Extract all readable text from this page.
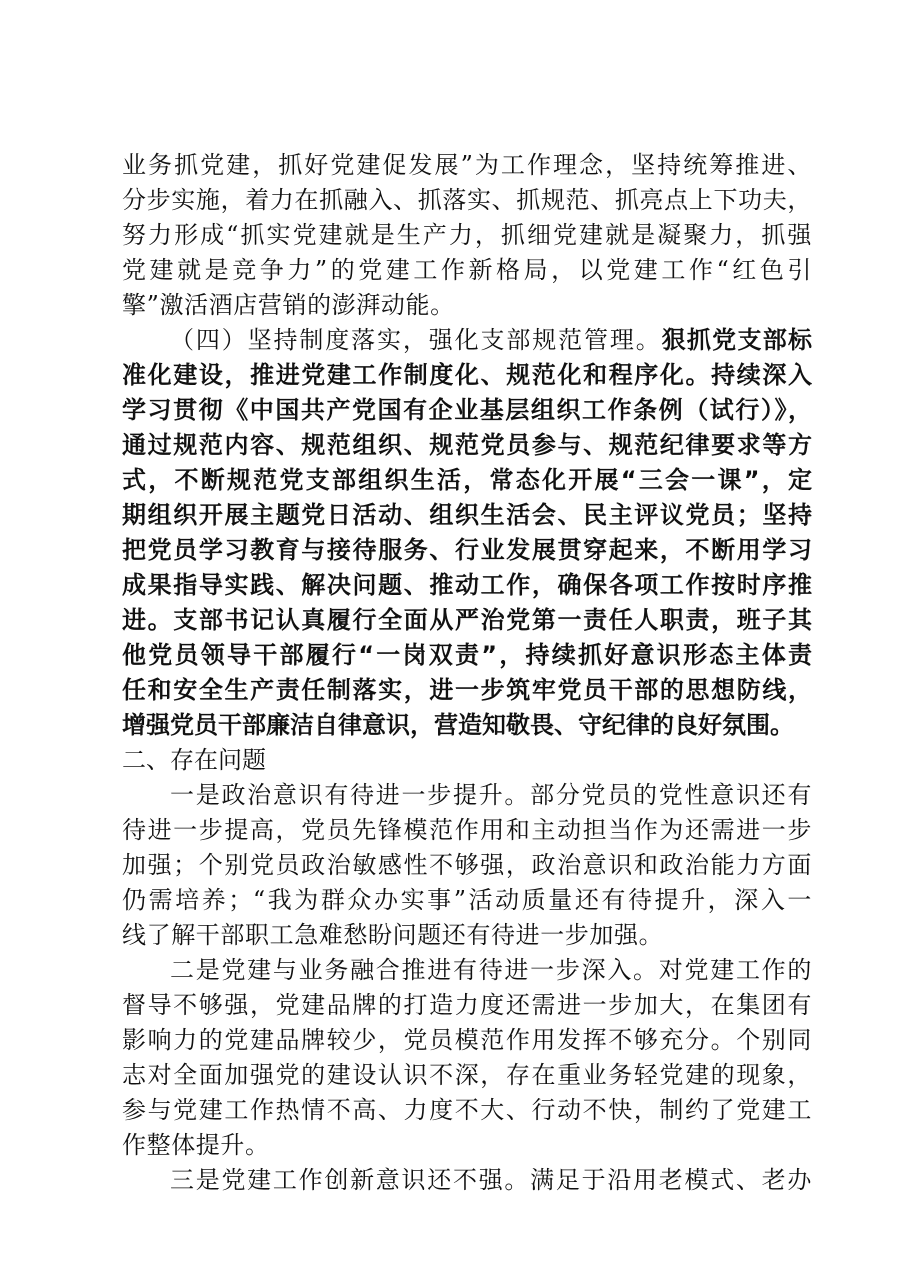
业务抓党建，抓好党建促发展”为工作理念，坚持统筹推进、
分步实施，着力在抓融入、抓落实、抓规范、抓亮点上下功夫，
努力形成“抓实党建就是生产力，抓细党建就是凝聚力，抓强
党建就是竞争力”的党建工作新格局，以党建工作“红色引
擎”激活酒店营销的澎湃动能。
（四）坚持制度落实，强化支部规范管理。狠抓党支部标
准化建设，推进党建工作制度化、规范化和程序化。持续深入
学习贯彻《中国共产党国有企业基层组织工作条例（试行）》，
通过规范内容、规范组织、规范党员参与、规范纪律要求等方
式，不断规范党支部组织生活，常态化开展“三会一课”，定
期组织开展主题党日活动、组织生活会、民主评议党员；坚持
把党员学习教育与接待服务、行业发展贯穿起来，不断用学习
成果指导实践、解决问题、推动工作，确保各项工作按时序推
进。支部书记认真履行全面从严治党第一责任人职责，班子其
他党员领导干部履行“一岗双责”，持续抓好意识形态主体责
任和安全生产责任制落实，进一步筑牢党员干部的思想防线，
增强党员干部廉洁自律意识，营造知敬畏、守纪律的良好氛围。
二、存在问题
一是政治意识有待进一步提升。部分党员的党性意识还有
待进一步提高，党员先锋模范作用和主动担当作为还需进一步
加强；个别党员政治敏感性不够强，政治意识和政治能力方面
仍需培养；“我为群众办实事”活动质量还有待提升，深入一
线了解干部职工急难愁盼问题还有待进一步加强。
二是党建与业务融合推进有待进一步深入。对党建工作的
督导不够强，党建品牌的打造力度还需进一步加大，在集团有
影响力的党建品牌较少，党员模范作用发挥不够充分。个别同
志对全面加强党的建设认识不深，存在重业务轻党建的现象，
参与党建工作热情不高、力度不大、行动不快，制约了党建工
作整体提升。
三是党建工作创新意识还不强。满足于沿用老模式、老办
